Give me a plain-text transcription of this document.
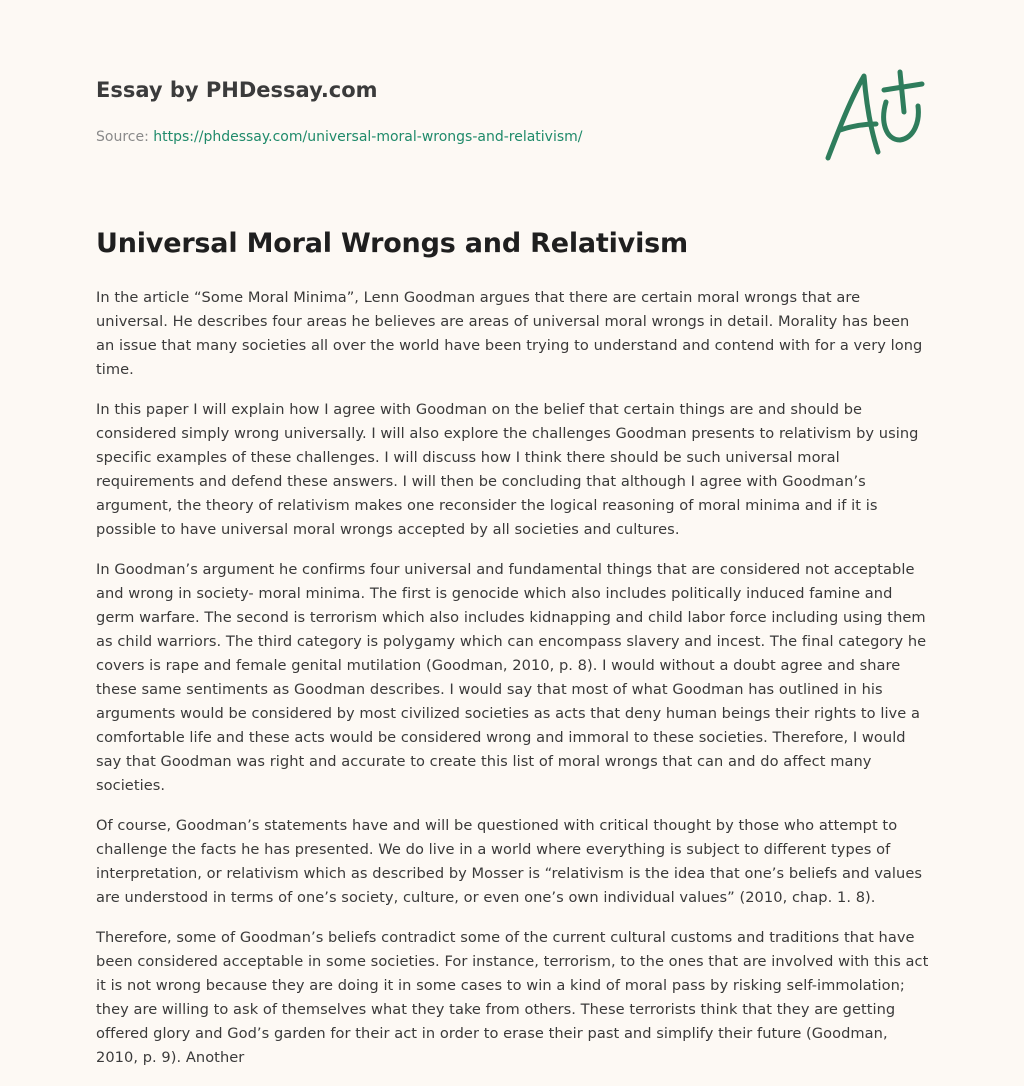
Essay by PHDessay.com
Source: https://phdessay.com/universal-moral-wrongs-and-relativism/
Universal Moral Wrongs and Relativism

In the article “Some Moral Minima”, Lenn Goodman argues that there are certain moral wrongs that are universal. He describes four areas he believes are areas of universal moral wrongs in detail. Morality has been an issue that many societies all over the world have been trying to understand and contend with for a very long time.

In this paper I will explain how I agree with Goodman on the belief that certain things are and should be considered simply wrong universally. I will also explore the challenges Goodman presents to relativism by using specific examples of these challenges. I will discuss how I think there should be such universal moral requirements and defend these answers. I will then be concluding that although I agree with Goodman’s argument, the theory of relativism makes one reconsider the logical reasoning of moral minima and if it is possible to have universal moral wrongs accepted by all societies and cultures.

In Goodman’s argument he confirms four universal and fundamental things that are considered not acceptable and wrong in society- moral minima. The first is genocide which also includes politically induced famine and germ warfare. The second is terrorism which also includes kidnapping and child labor force including using them as child warriors. The third category is polygamy which can encompass slavery and incest. The final category he covers is rape and female genital mutilation (Goodman, 2010, p. 8). I would without a doubt agree and share these same sentiments as Goodman describes. I would say that most of what Goodman has outlined in his arguments would be considered by most civilized societies as acts that deny human beings their rights to live a comfortable life and these acts would be considered wrong and immoral to these societies. Therefore, I would say that Goodman was right and accurate to create this list of moral wrongs that can and do affect many societies.

Of course, Goodman’s statements have and will be questioned with critical thought by those who attempt to challenge the facts he has presented. We do live in a world where everything is subject to different types of interpretation, or relativism which as described by Mosser is “relativism is the idea that one’s beliefs and values are understood in terms of one’s society, culture, or even one’s own individual values” (2010, chap. 1. 8).

Therefore, some of Goodman’s beliefs contradict some of the current cultural customs and traditions that have been considered acceptable in some societies. For instance, terrorism, to the ones that are involved with this act it is not wrong because they are doing it in some cases to win a kind of moral pass by risking self-immolation; they are willing to ask of themselves what they take from others. These terrorists think that they are getting offered glory and God’s garden for their act in order to erase their past and simplify their future (Goodman, 2010, p. 9). Another
